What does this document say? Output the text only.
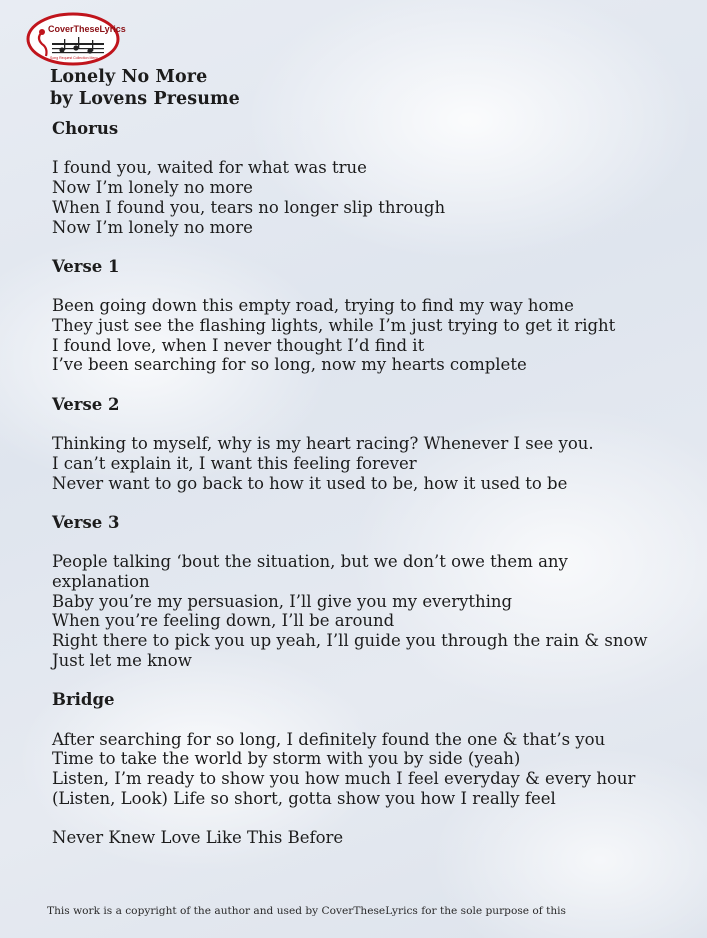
CoverTheseLyrics
Song Request Collection Menu
Lonely No More
by Lovens Presume
Chorus
I found you, waited for what was true
Now I’m lonely no more
When I found you, tears no longer slip through
Now I’m lonely no more
Verse 1
Been going down this empty road, trying to find my way home
They just see the flashing lights, while I’m just trying to get it right
I found love, when I never thought I’d find it
I’ve been searching for so long, now my hearts complete
Verse 2
Thinking to myself, why is my heart racing? Whenever I see you.
I can’t explain it, I want this feeling forever
Never want to go back to how it used to be, how it used to be
Verse 3
People talking ‘bout the situation, but we don’t owe them any explanation
Baby you’re my persuasion, I’ll give you my everything
When you’re feeling down, I’ll be around
Right there to pick you up yeah, I’ll guide you through the rain & snow
Just let me know
Bridge
After searching for so long, I definitely found the one & that’s you
Time to take the world by storm with you by side (yeah)
Listen, I’m ready to show you how much I feel everyday & every hour
(Listen, Look) Life so short, gotta show you how I really feel
Never Knew Love Like This Before
This work is a copyright of the author and used by CoverTheseLyrics for the sole purpose of this
